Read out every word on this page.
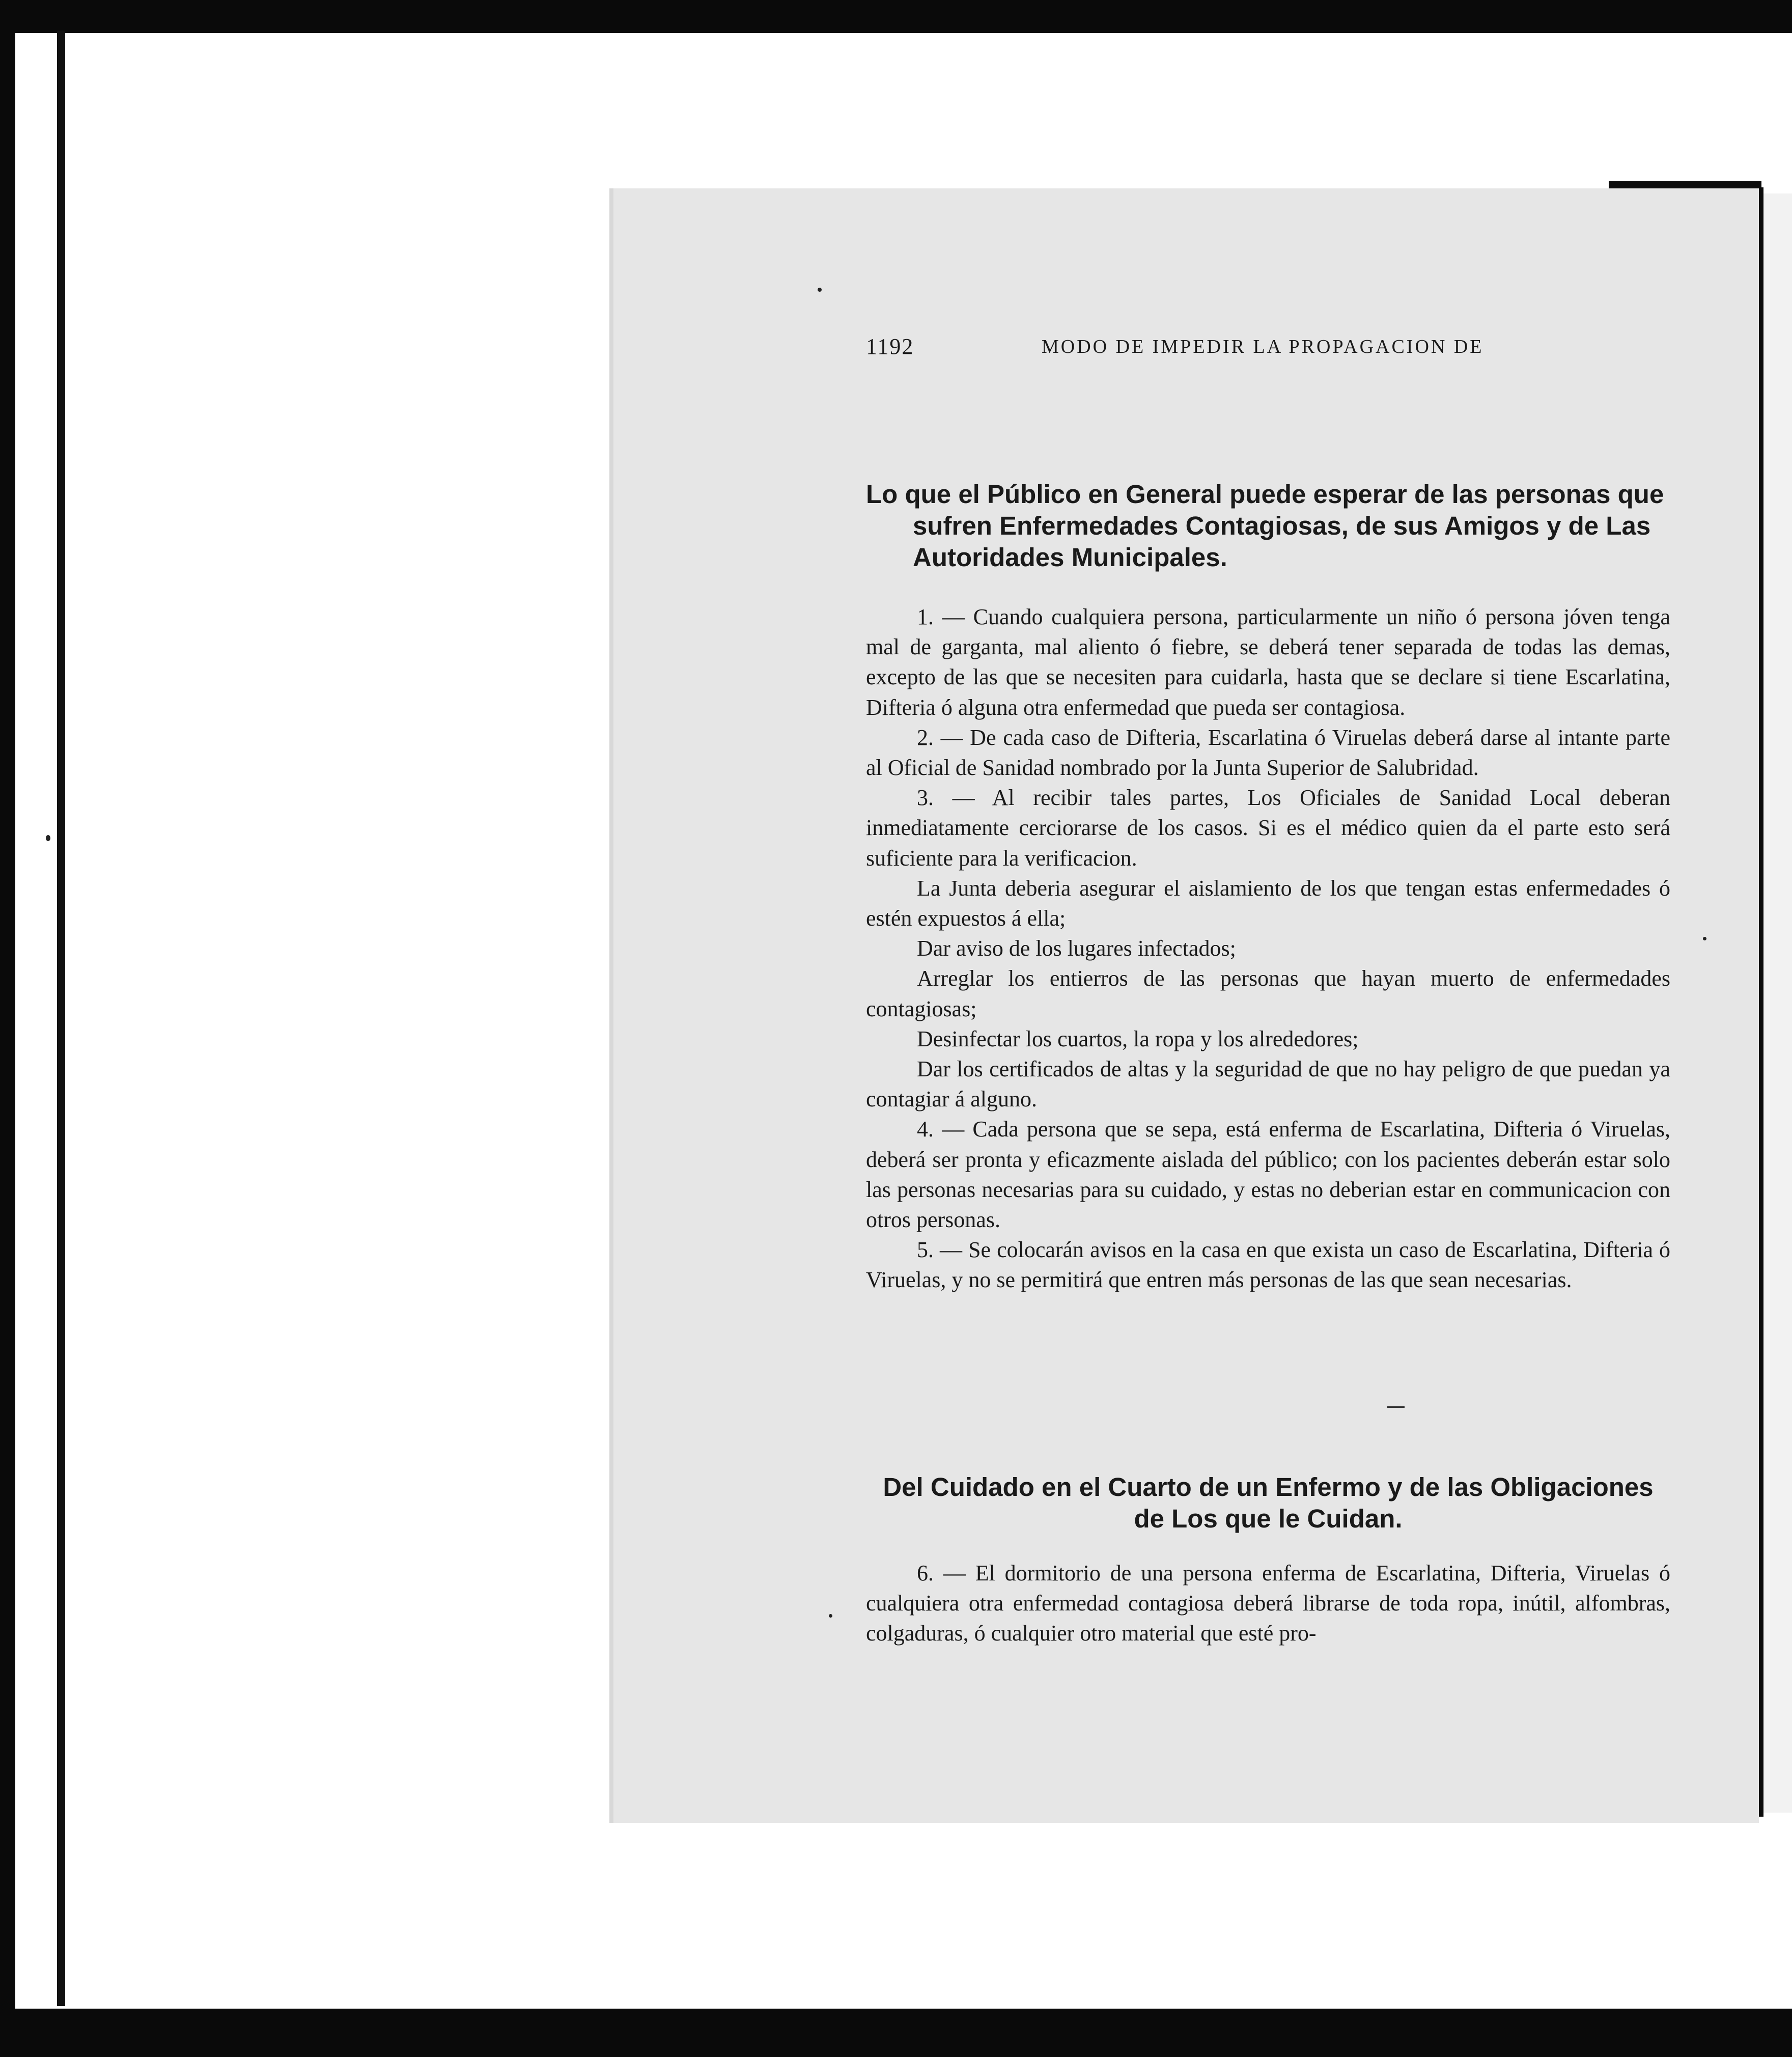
1192	MODO DE IMPEDIR LA PROPAGACION DE
Lo que el Público en General puede esperar de las personas que sufren Enfermedades Contagiosas, de sus Amigos y de Las Autoridades Municipales.

1. — Cuando cualquiera persona, particularmente un niño ó persona jóven tenga mal de garganta, mal aliento ó fiebre, se deberá tener separada de todas las demas, excepto de las que se necesiten para cuidarla, hasta que se declare si tiene Escarlatina, Difteria ó alguna otra enfermedad que pueda ser contagiosa.

2. — De cada caso de Difteria, Escarlatina ó Viruelas deberá darse al intante parte al Oficial de Sanidad nombrado por la Junta Superior de Salubridad.

3. — Al recibir tales partes, Los Oficiales de Sanidad Local deberan inmediatamente cerciorarse de los casos. Si es el médico quien da el parte esto será suficiente para la verificacion.

La Junta deberia asegurar el aislamiento de los que tengan estas enfermedades ó estén expuestos á ella;

Dar aviso de los lugares infectados;

Arreglar los entierros de las personas que hayan muerto de enfermedades contagiosas;

Desinfectar los cuartos, la ropa y los alrededores;

Dar los certificados de altas y la seguridad de que no hay peligro de que puedan ya contagiar á alguno.

4. — Cada persona que se sepa, está enferma de Escarlatina, Difteria ó Viruelas, deberá ser pronta y eficazmente aislada del público; con los pacientes deberán estar solo las personas necesarias para su cuidado, y estas no deberian estar en communicacion con otros personas.

5. — Se colocarán avisos en la casa en que exista un caso de Escarlatina, Difteria ó Viruelas, y no se permitirá que entren más personas de las que sean necesarias.

Del Cuidado en el Cuarto de un Enfermo y de las Obligaciones de Los que le Cuidan.

6. — El dormitorio de una persona enferma de Escarlatina, Difteria, Viruelas ó cualquiera otra enfermedad contagiosa deberá librarse de toda ropa, inútil, alfombras, colgaduras, ó cualquier otro material que esté pro-
